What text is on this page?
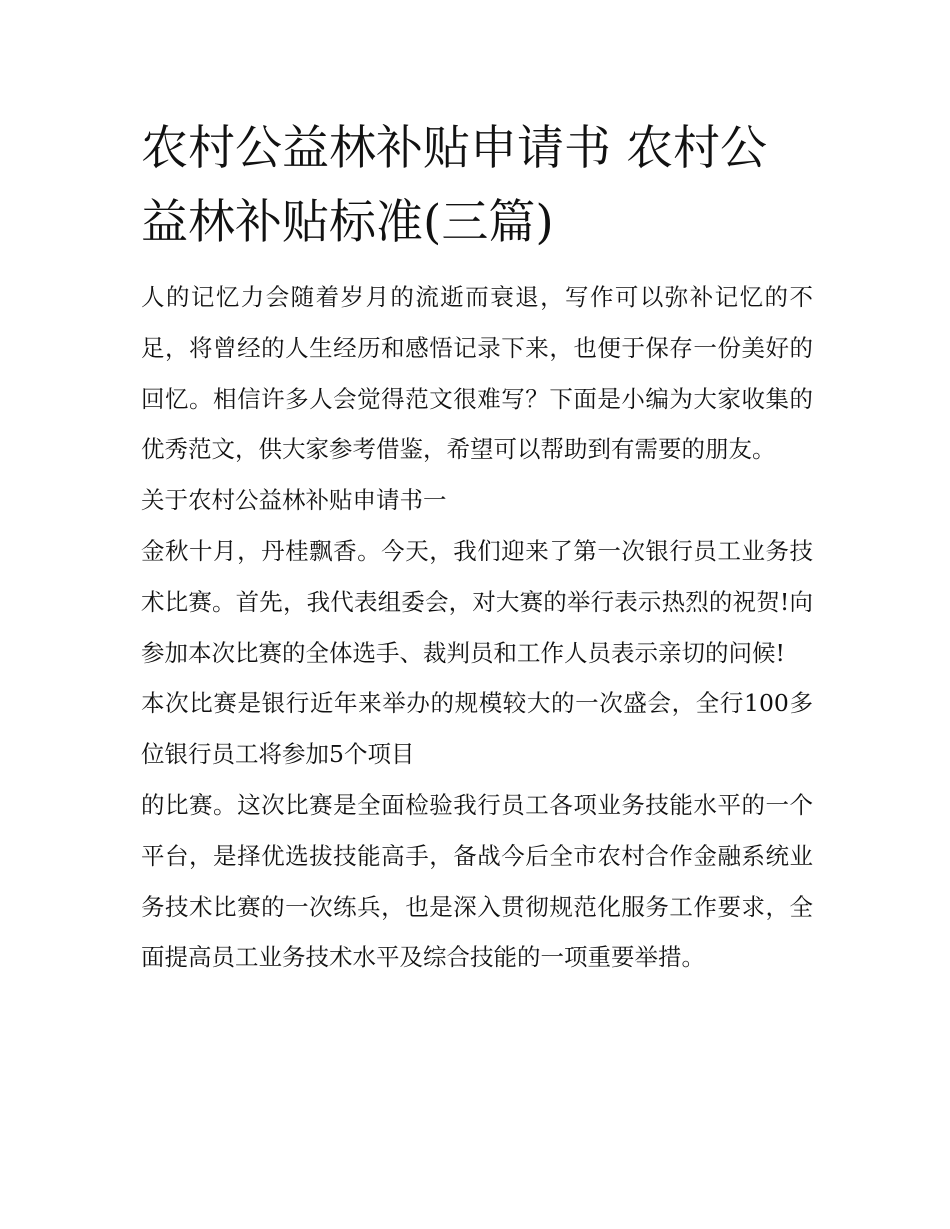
农村公益林补贴申请书 农村公益林补贴标准(三篇)

人的记忆力会随着岁月的流逝而衰退，写作可以弥补记忆的不足，将曾经的人生经历和感悟记录下来，也便于保存一份美好的回忆。相信许多人会觉得范文很难写？下面是小编为大家收集的优秀范文，供大家参考借鉴，希望可以帮助到有需要的朋友。

关于农村公益林补贴申请书一

金秋十月，丹桂飘香。今天，我们迎来了第一次银行员工业务技术比赛。首先，我代表组委会，对大赛的举行表示热烈的祝贺!向参加本次比赛的全体选手、裁判员和工作人员表示亲切的问候!

本次比赛是银行近年来举办的规模较大的一次盛会，全行100多位银行员工将参加5个项目

的比赛。这次比赛是全面检验我行员工各项业务技能水平的一个平台，是择优选拔技能高手，备战今后全市农村合作金融系统业务技术比赛的一次练兵，也是深入贯彻规范化服务工作要求，全面提高员工业务技术水平及综合技能的一项重要举措。
